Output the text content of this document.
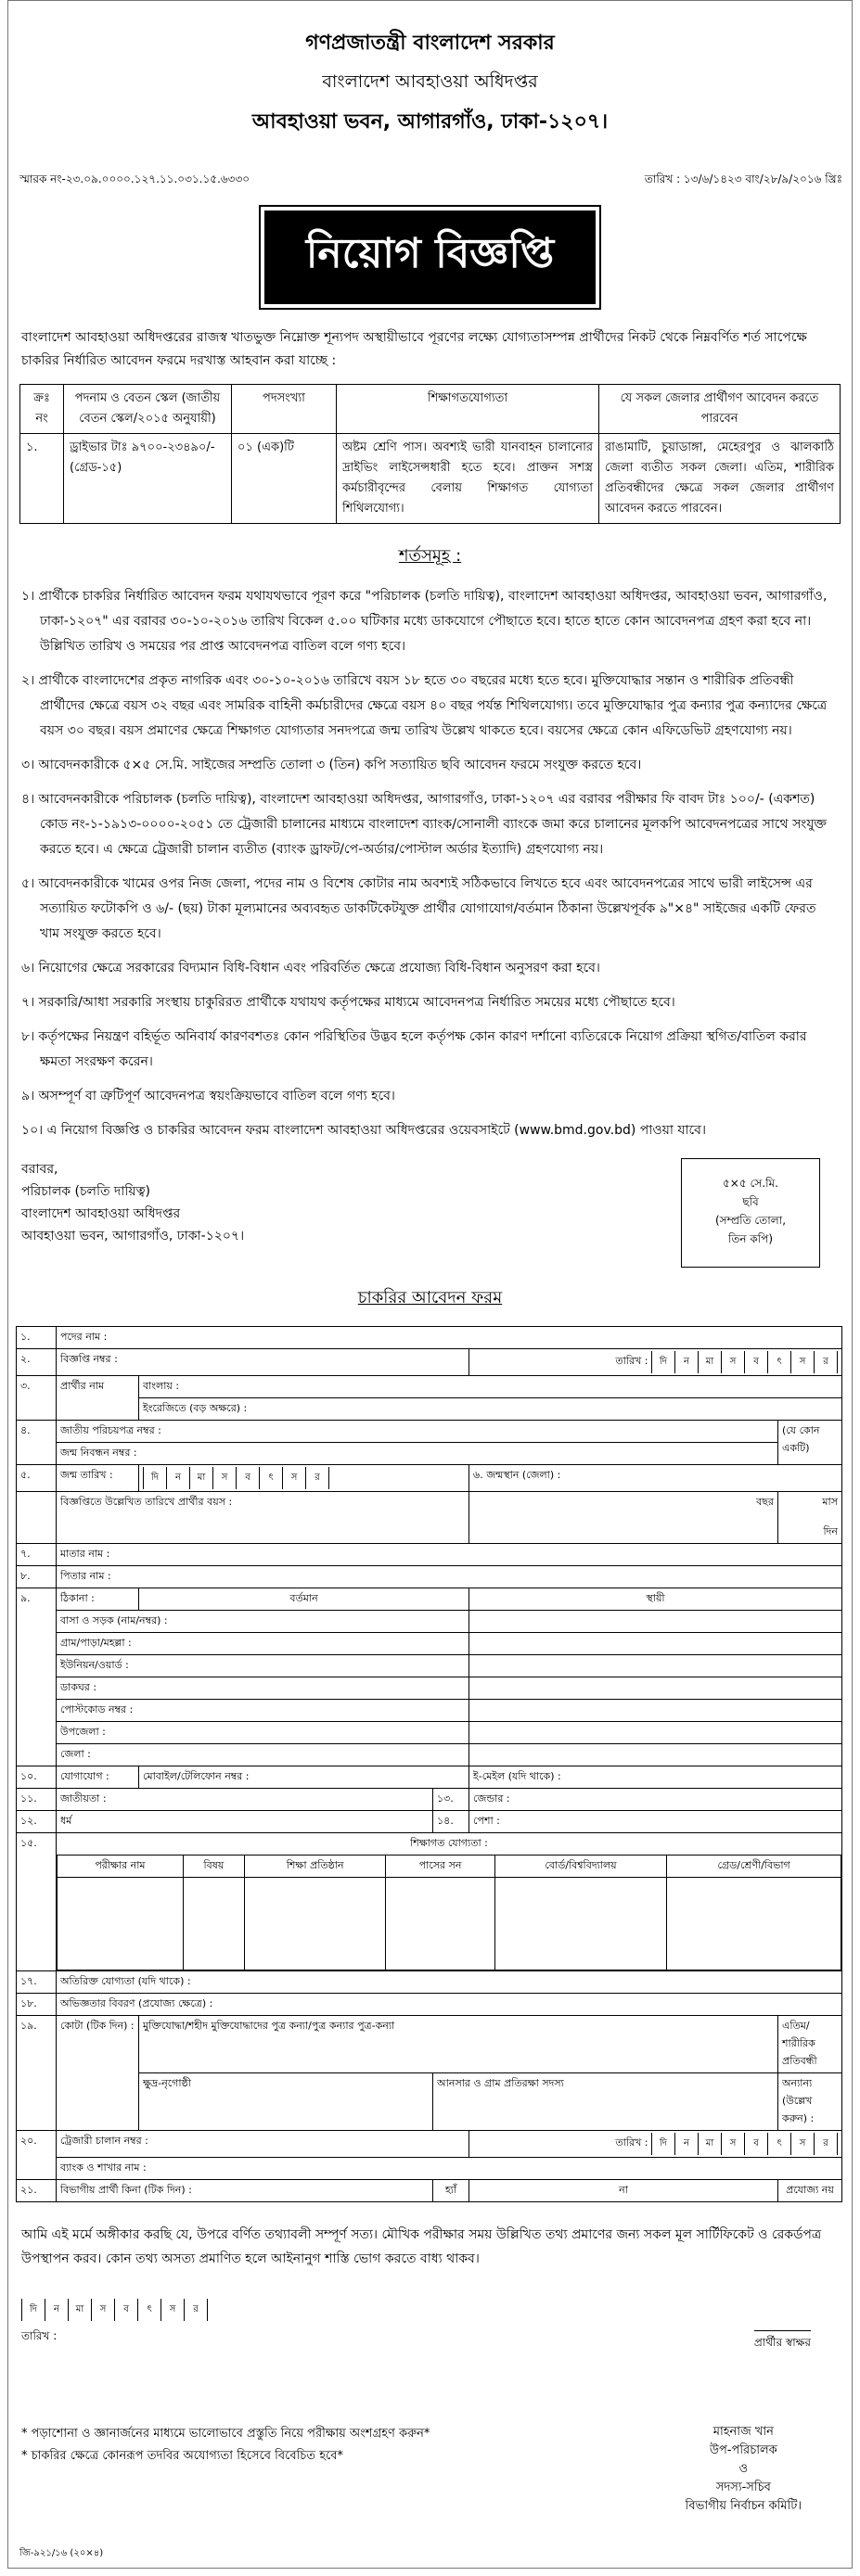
গণপ্রজাতন্ত্রী বাংলাদেশ সরকার
বাংলাদেশ আবহাওয়া অধিদপ্তর
আবহাওয়া ভবন, আগারগাঁও, ঢাকা-১২০৭।
স্মারক নং-২৩.০৯.০০০০.১২৭.১১.০৩১.১৫.৬৩৩০	তারিখ : ১৩/৬/১৪২৩ বাং/২৮/৯/২০১৬ খ্রিঃ
নিয়োগ বিজ্ঞপ্তি
বাংলাদেশ আবহাওয়া অধিদপ্তরের রাজস্ব খাতভুক্ত নিম্নোক্ত শূন্যপদ অস্থায়ীভাবে পূরণের লক্ষ্যে যোগ্যতাসম্পন্ন প্রার্থীদের নিকট থেকে নিম্নবর্ণিত শর্ত সাপেক্ষে চাকরির নির্ধারিত আবেদন ফরমে দরখাস্ত আহবান করা যাচ্ছে :
ক্রঃ নং	পদনাম ও বেতন স্কেল (জাতীয় বেতন স্কেল/২০১৫ অনুযায়ী)	পদসংখ্যা	শিক্ষাগতযোগ্যতা	যে সকল জেলার প্রার্থীগণ আবেদন করতে পারবেন
১.	ড্রাইভার টাঃ ৯৭০০-২৩৪৯০/- (গ্রেড-১৫)	০১ (এক)টি	অষ্টম শ্রেণি পাস। অবশ্যই ভারী যানবাহন চালানোর দ্রাইভিং লাইসেন্সধারী হতে হবে। প্রাক্তন সশস্ত্র কর্মচারীবৃন্দের বেলায় শিক্ষাগত যোগ্যতা শিথিলযোগ্য।	রাঙামাটি, চুয়াডাঙ্গা, মেহেরপুর ও ঝালকাঠি জেলা ব্যতীত সকল জেলা। এতিম, শারীরিক প্রতিবন্ধীদের ক্ষেত্রে সকল জেলার প্রার্থীগণ আবেদন করতে পারবেন।
শর্তসমূহ :
১। প্রার্থীকে চাকরির নির্ধারিত আবেদন ফরম যথাযথভাবে পূরণ করে "পরিচালক (চলতি দায়িত্ব), বাংলাদেশ আবহাওয়া অধিদপ্তর, আবহাওয়া ভবন, আগারগাঁও, ঢাকা-১২০৭" এর বরাবর ৩০-১০-২০১৬ তারিখ বিকেল ৫.০০ ঘটিকার মধ্যে ডাকযোগে পৌছাতে হবে। হাতে হাতে কোন আবেদনপত্র গ্রহণ করা হবে না। উল্লিখিত তারিখ ও সময়ের পর প্রাপ্ত আবেদনপত্র বাতিল বলে গণ্য হবে।
২। প্রার্থীকে বাংলাদেশের প্রকৃত নাগরিক এবং ৩০-১০-২০১৬ তারিখে বয়স ১৮ হতে ৩০ বছরের মধ্যে হতে হবে। মুক্তিযোদ্ধার সন্তান ও শারীরিক প্রতিবন্ধী প্রার্থীদের ক্ষেত্রে বয়স ৩২ বছর এবং সামরিক বাহিনী কর্মচারীদের ক্ষেত্রে বয়স ৪০ বছর পর্যন্ত শিথিলযোগ্য। তবে মুক্তিযোদ্ধার পুত্র কন্যার পুত্র কন্যাদের ক্ষেত্রে বয়স ৩০ বছর। বয়স প্রমাণের ক্ষেত্রে শিক্ষাগত যোগ্যতার সনদপত্রে জন্ম তারিখ উল্লেখ থাকতে হবে। বয়সের ক্ষেত্রে কোন এফিডেভিট গ্রহণযোগ্য নয়।
৩। আবেদনকারীকে ৫×৫ সে.মি. সাইজের সম্প্রতি তোলা ৩ (তিন) কপি সত্যায়িত ছবি আবেদন ফরমে সংযুক্ত করতে হবে।
৪। আবেদনকারীকে পরিচালক (চলতি দায়িত্ব), বাংলাদেশ আবহাওয়া অধিদপ্তর, আগারগাঁও, ঢাকা-১২০৭ এর বরাবর পরীক্ষার ফি বাবদ টাঃ ১০০/- (একশত) কোড নং-১-১৯১৩-০০০০-২০৫১ তে ট্রেজারী চালানের মাধ্যমে বাংলাদেশ ব্যাংক/সোনালী ব্যাংকে জমা করে চালানের মূলকপি আবেদনপত্রের সাথে সংযুক্ত করতে হবে। এ ক্ষেত্রে ট্রেজারী চালান ব্যতীত (ব্যাংক ড্রাফট/পে-অর্ডার/পোস্টাল অর্ডার ইত্যাদি) গ্রহণযোগ্য নয়।
৫। আবেদনকারীকে খামের ওপর নিজ জেলা, পদের নাম ও বিশেষ কোটার নাম অবশ্যই সঠিকভাবে লিখতে হবে এবং আবেদনপত্রের সাথে ভারী লাইসেন্স এর সত্যায়িত ফটোকপি ও ৬/- (ছয়) টাকা মূল্যমানের অব্যবহৃত ডাকটিকেটযুক্ত প্রার্থীর যোগাযোগ/বর্তমান ঠিকানা উল্লেখপূর্বক ৯"×৪" সাইজের একটি ফেরত খাম সংযুক্ত করতে হবে।
৬। নিয়োগের ক্ষেত্রে সরকারের বিদ্যমান বিধি-বিধান এবং পরিবর্তিত ক্ষেত্রে প্রযোজ্য বিধি-বিধান অনুসরণ করা হবে।
৭। সরকারি/আধা সরকারি সংস্থায় চাকুরিরত প্রার্থীকে যথাযথ কর্তৃপক্ষের মাধ্যমে আবেদনপত্র নির্ধারিত সময়ের মধ্যে পৌছাতে হবে।
৮। কর্তৃপক্ষের নিয়ন্ত্রণ বহির্ভূত অনিবার্য কারণবশতঃ কোন পরিস্থিতির উদ্ভব হলে কর্তৃপক্ষ কোন কারণ দর্শানো ব্যতিরেকে নিয়োগ প্রক্রিয়া স্থগিত/বাতিল করার ক্ষমতা সংরক্ষণ করেন।
৯। অসম্পূর্ণ বা ত্রুটিপূর্ণ আবেদনপত্র স্বয়ংক্রিয়ভাবে বাতিল বলে গণ্য হবে।
১০। এ নিয়োগ বিজ্ঞপ্তি ও চাকরির আবেদন ফরম বাংলাদেশ আবহাওয়া অধিদপ্তরের ওয়েবসাইটে (www.bmd.gov.bd) পাওয়া যাবে।
বরাবর,
পরিচালক (চলতি দায়িত্ব)
বাংলাদেশ আবহাওয়া অধিদপ্তর
আবহাওয়া ভবন, আগারগাঁও, ঢাকা-১২০৭।
৫×৫ সে.মি.
ছবি
(সম্প্রতি তোলা,
তিন কপি)
চাকরির আবেদন ফরম
১.	পদের নাম :
২.	বিজ্ঞপ্তি নম্বর :	তারিখ :	দি	ন	মা	স	ব	ৎ	স	র

৩.	প্রার্থীর নাম	বাংলায় :
ইংরেজিতে (বড় অক্ষরে) :
৪.	জাতীয় পরিচয়পত্র নম্বর :	(যে কোন একটি)
জন্ম নিবন্ধন নম্বর :
৫.	জন্ম তারিখ :	দি	ন	মা	স	ব	ৎ	স	র	৬. জন্মস্থান (জেলা) :
	বিজ্ঞপ্তিতে উল্লেখিত তারিখে প্রার্থীর বয়স :	বছর	মাস দিন
৭.	মাতার নাম :
৮.	পিতার নাম :
৯.	ঠিকানা :	বর্তমান	স্থায়ী
বাসা ও সড়ক (নাম/নম্বর) :	
গ্রাম/পাড়া/মহল্লা :	
ইউনিয়ন/ওয়ার্ড :	
ডাকঘর :	
পোস্টকোড নম্বর :	
উপজেলা :	
জেলা :	
১০.	যোগাযোগ :	মোবাইল/টেলিফোন নম্বর :	ই-মেইল (যদি থাকে) :
১১.	জাতীয়তা :	১৩.	জেন্ডার :
১২.	ধর্ম	১৪.	পেশা :
১৫.	শিক্ষাগত যোগ্যতা :
পরীক্ষার নাম	বিষয়	শিক্ষা প্রতিষ্ঠান	পাসের সন	বোর্ড/বিশ্ববিদ্যালয়	গ্রেড/শ্রেণী/বিভাগ

১৭.	অতিরিক্ত যোগ্যতা (যদি থাকে) :
১৮.	অভিজ্ঞতার বিবরণ (প্রযোজ্য ক্ষেত্রে) :
১৯.	কোটা (টিক দিন) :	মুক্তিযোদ্ধা/শহীদ মুক্তিযোদ্ধাদের পুত্র কন্যা/পুত্র কন্যার পুত্র-কন্যা	এতিম/শারীরিক প্রতিবন্ধী
ক্ষুদ্র-নৃগোষ্ঠী	আনসার ও গ্রাম প্রতিরক্ষা সদস্য	অন্যান্য (উল্লেখ করুন) :
২০.	ট্রেজারী চালান নম্বর :	তারিখ :	দি	ন	মা	স	ব	ৎ	স	র

ব্যাংক ও শাখার নাম :
২১.	বিভাগীয় প্রার্থী কিনা (টিক দিন) :	হ্যাঁ	না	প্রযোজ্য নয়
আমি এই মর্মে অঙ্গীকার করছি যে, উপরে বর্ণিত তথ্যাবলী সম্পূর্ণ সত্য। মৌখিক পরীক্ষার সময় উল্লিখিত তথ্য প্রমাণের জন্য সকল মূল সার্টিফিকেট ও রেকর্ডপত্র উপস্থাপন করব। কোন তথ্য অসত্য প্রমাণিত হলে আইনানুগ শাস্তি ভোগ করতে বাধ্য থাকব।
দি	ন	মা	স	ব	ৎ	স	র
তারিখ :	প্রার্থীর স্বাক্ষর
* পড়াশোনা ও জ্ঞানার্জনের মাধ্যমে ভালোভাবে প্রস্তুতি নিয়ে পরীক্ষায় অংশগ্রহণ করুন*
* চাকরির ক্ষেত্রে কোনরূপ তদবির অযোগ্যতা হিসেবে বিবেচিত হবে*
মাহনাজ খান
উপ-পরিচালক
ও
সদস্য-সচিব
বিভাগীয় নির্বাচন কমিটি।
জি-৯২১/১৬ (২০×৪)
